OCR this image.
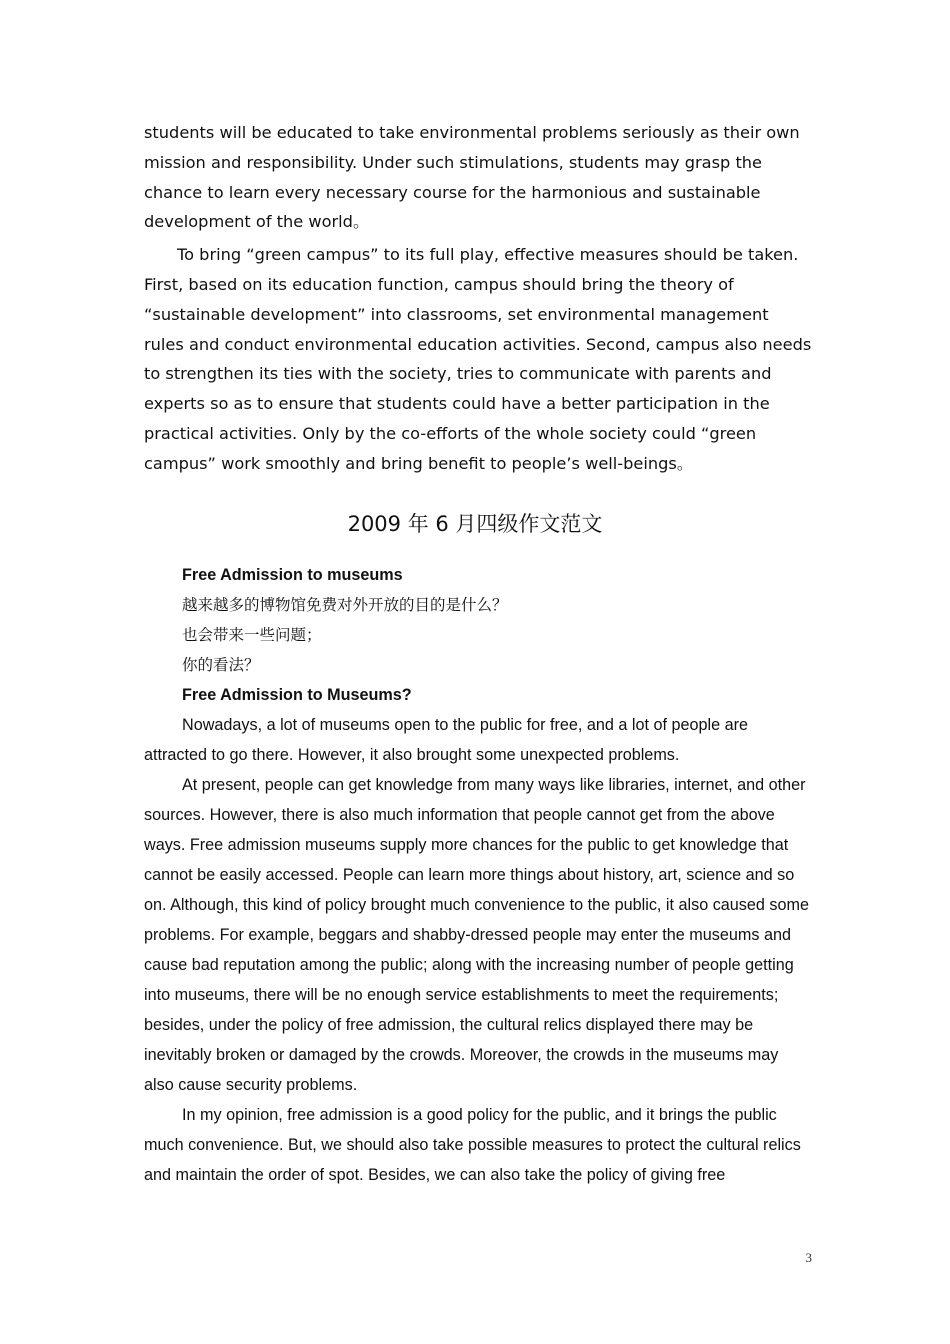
students will be educated to take environmental problems seriously as their own mission and responsibility. Under such stimulations, students may grasp the chance to learn every necessary course for the harmonious and sustainable development of the world。

To bring “green campus” to its full play, effective measures should be taken. First, based on its education function, campus should bring the theory of “sustainable development” into classrooms, set environmental management rules and conduct environmental education activities. Second, campus also needs to strengthen its ties with the society, tries to communicate with parents and experts so as to ensure that students could have a better participation in the practical activities. Only by the co-efforts of the whole society could “green campus” work smoothly and bring benefit to people’s well-beings。

2009 年 6 月四级作文范文
Free Admission to museums
越来越多的博物馆免费对外开放的目的是什么？
也会带来一些问题；
你的看法？
Free Admission to Museums?

Nowadays, a lot of museums open to the public for free, and a lot of people are attracted to go there. However, it also brought some unexpected problems.

At present, people can get knowledge from many ways like libraries, internet, and other sources. However, there is also much information that people cannot get from the above ways. Free admission museums supply more chances for the public to get knowledge that cannot be easily accessed. People can learn more things about history, art, science and so on. Although, this kind of policy brought much convenience to the public, it also caused some problems. For example, beggars and shabby-dressed people may enter the museums and cause bad reputation among the public; along with the increasing number of people getting into museums, there will be no enough service establishments to meet the requirements; besides, under the policy of free admission, the cultural relics displayed there may be inevitably broken or damaged by the crowds. Moreover, the crowds in the museums may also cause security problems.

In my opinion, free admission is a good policy for the public, and it brings the public much convenience. But, we should also take possible measures to protect the cultural relics and maintain the order of spot. Besides, we can also take the policy of giving free

3
